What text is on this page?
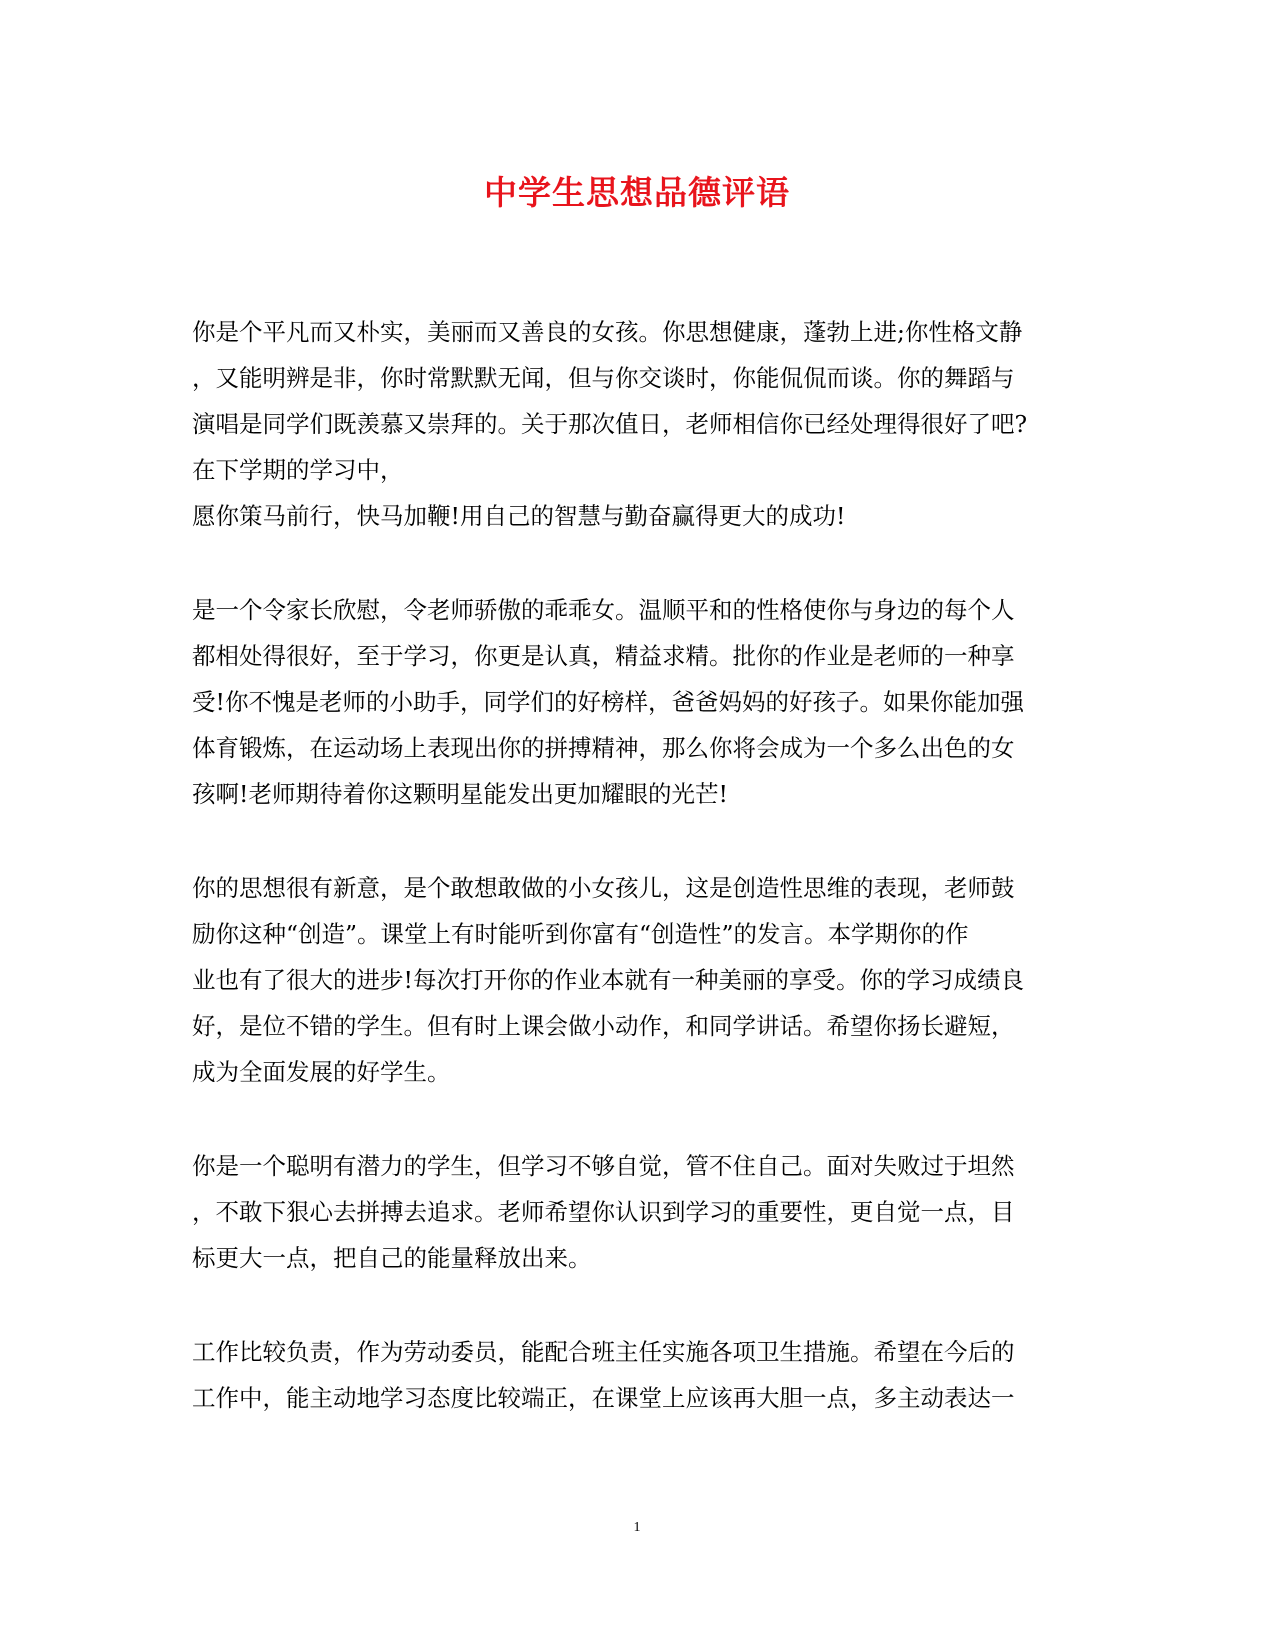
中学生思想品德评语
你是个平凡而又朴实，美丽而又善良的女孩。你思想健康，蓬勃上进;你性格文静
，又能明辨是非，你时常默默无闻，但与你交谈时，你能侃侃而谈。你的舞蹈与
演唱是同学们既羡慕又崇拜的。关于那次值日，老师相信你已经处理得很好了吧?
在下学期的学习中，
愿你策马前行，快马加鞭!用自己的智慧与勤奋赢得更大的成功!
是一个令家长欣慰，令老师骄傲的乖乖女。温顺平和的性格使你与身边的每个人
都相处得很好，至于学习，你更是认真，精益求精。批你的作业是老师的一种享
受!你不愧是老师的小助手，同学们的好榜样，爸爸妈妈的好孩子。如果你能加强
体育锻炼，在运动场上表现出你的拼搏精神，那么你将会成为一个多么出色的女
孩啊!老师期待着你这颗明星能发出更加耀眼的光芒!
你的思想很有新意，是个敢想敢做的小女孩儿，这是创造性思维的表现，老师鼓
励你这种“创造”。课堂上有时能听到你富有“创造性”的发言。本学期你的作
业也有了很大的进步!每次打开你的作业本就有一种美丽的享受。你的学习成绩良
好，是位不错的学生。但有时上课会做小动作，和同学讲话。希望你扬长避短，
成为全面发展的好学生。
你是一个聪明有潜力的学生，但学习不够自觉，管不住自己。面对失败过于坦然
，不敢下狠心去拼搏去追求。老师希望你认识到学习的重要性，更自觉一点，目
标更大一点，把自己的能量释放出来。
工作比较负责，作为劳动委员，能配合班主任实施各项卫生措施。希望在今后的
工作中，能主动地学习态度比较端正，在课堂上应该再大胆一点，多主动表达一
1
